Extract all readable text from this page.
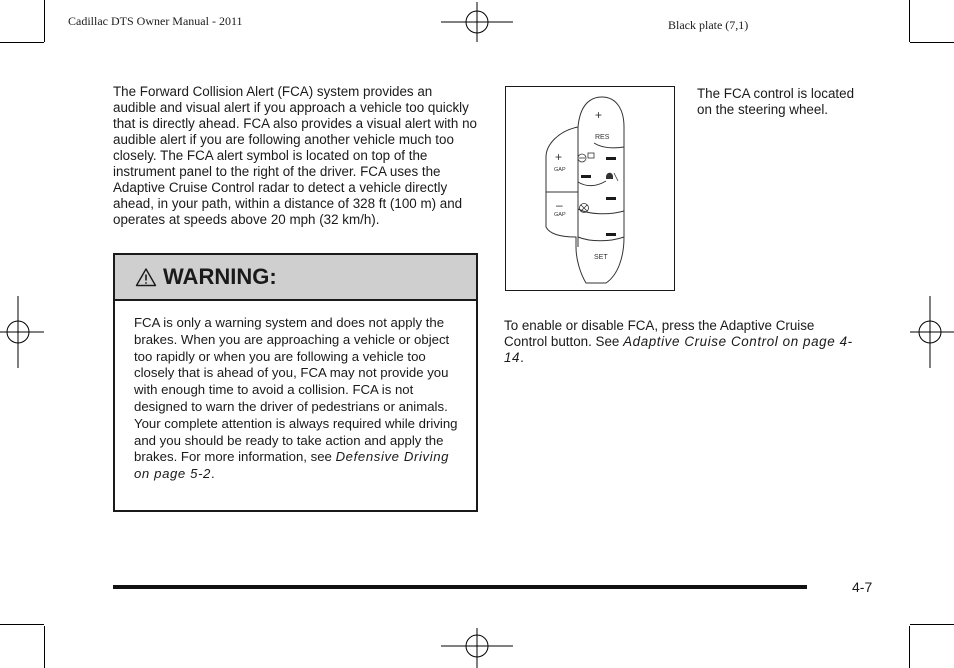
Cadillac DTS Owner Manual - 2011	Black plate (7,1)
The Forward Collision Alert (FCA) system provides an audible and visual alert if you approach a vehicle too quickly that is directly ahead. FCA also provides a visual alert with no audible alert if you are following another vehicle much too closely. The FCA alert symbol is located on top of the instrument panel to the right of the driver. FCA uses the Adaptive Cruise Control radar to detect a vehicle directly ahead, in your path, within a distance of 328 ft (100 m) and operates at speeds above 20 mph (32 km/h).
WARNING:
FCA is only a warning system and does not apply the brakes. When you are approaching a vehicle or object too rapidly or when you are following a vehicle too closely that is ahead of you, FCA may not provide you with enough time to avoid a collision. FCA is not designed to warn the driver of pedestrians or animals. Your complete attention is always required while driving and you should be ready to take action and apply the brakes. For more information, see Defensive Driving on page 5-2.
+
RES
+
GAP
–
GAP
SET
The FCA control is located on the steering wheel.
To enable or disable FCA, press the Adaptive Cruise Control button. See Adaptive Cruise Control on page 4-14.
4-7
